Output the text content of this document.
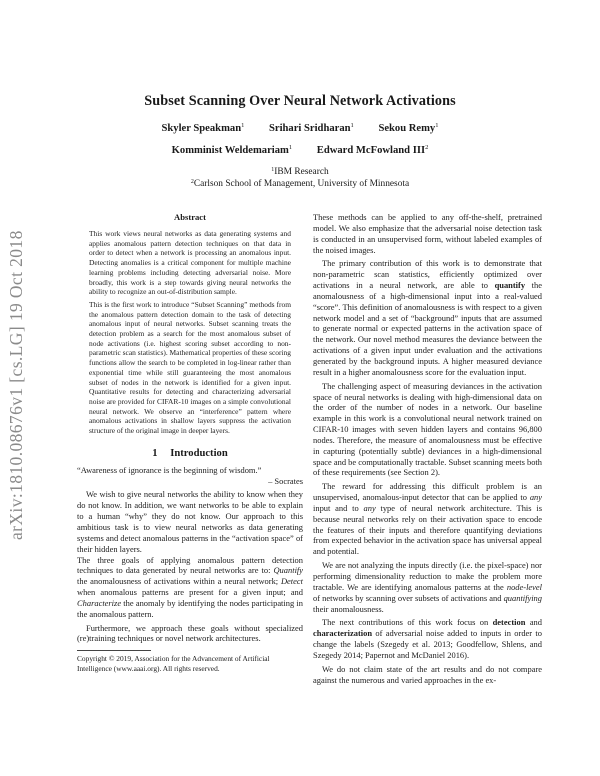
Subset Scanning Over Neural Network Activations
Skyler Speakman$^1$ Srihari Sridharan$^1$ Sekou Remy$^1$
Komminist Weldemariam$^1$ Edward McFowland III$^2$
$^1$IBM Research
$^2$Carlson School of Management, University of Minnesota
arXiv:1810.08676v1 [cs.LG] 19 Oct 2018
Abstract

This work views neural networks as data generating systems and applies anomalous pattern detection techniques on that data in order to detect when a network is processing an anomalous input. Detecting anomalies is a critical component for multiple machine learning problems including detecting adversarial noise. More broadly, this work is a step towards giving neural networks the ability to recognize an out-of-distribution sample.

This is the first work to introduce “Subset Scanning” methods from the anomalous pattern detection domain to the task of detecting anomalous input of neural networks. Subset scanning treats the detection problem as a search for the most anomalous subset of node activations (i.e. highest scoring subset according to non-parametric scan statistics). Mathematical properties of these scoring functions allow the search to be completed in log-linear rather than exponential time while still guaranteeing the most anomalous subset of nodes in the network is identified for a given input. Quantitative results for detecting and characterizing adversarial noise are provided for CIFAR-10 images on a simple convolutional neural network. We observe an “interference” pattern where anomalous activations in shallow layers suppress the activation structure of the original image in deeper layers.

1 Introduction
“Awareness of ignorance is the beginning of wisdom.”
– Socrates

We wish to give neural networks the ability to know when they do not know. In addition, we want networks to be able to explain to a human “why” they do not know. Our approach to this ambitious task is to view neural networks as data generating systems and detect anomalous patterns in the “activation space” of their hidden layers.

The three goals of applying anomalous pattern detection techniques to data generated by neural networks are to: Quantify the anomalousness of activations within a neural network; Detect when anomalous patterns are present for a given input; and Characterize the anomaly by identifying the nodes participating in the anomalous pattern.

Furthermore, we approach these goals without specialized (re)training techniques or novel network architectures.

Copyright © 2019, Association for the Advancement of Artificial Intelligence (www.aaai.org). All rights reserved.

These methods can be applied to any off-the-shelf, pretrained model. We also emphasize that the adversarial noise detection task is conducted in an unsupervised form, without labeled examples of the noised images.

The primary contribution of this work is to demonstrate that non-parametric scan statistics, efficiently optimized over activations in a neural network, are able to quantify the anomalousness of a high-dimensional input into a real-valued “score”. This definition of anomalousness is with respect to a given network model and a set of “background” inputs that are assumed to generate normal or expected patterns in the activation space of the network. Our novel method measures the deviance between the activations of a given input under evaluation and the activations generated by the background inputs. A higher measured deviance result in a higher anomalousness score for the evaluation input.

The challenging aspect of measuring deviances in the activation space of neural networks is dealing with high-dimensional data on the order of the number of nodes in a network. Our baseline example in this work is a convolutional neural network trained on CIFAR-10 images with seven hidden layers and contains 96,800 nodes. Therefore, the measure of anomalousness must be effective in capturing (potentially subtle) deviances in a high-dimensional space and be computationally tractable. Subset scanning meets both of these requirements (see Section 2).

The reward for addressing this difficult problem is an unsupervised, anomalous-input detector that can be applied to any input and to any type of neural network architecture. This is because neural networks rely on their activation space to encode the features of their inputs and therefore quantifying deviations from expected behavior in the activation space has universal appeal and potential.

We are not analyzing the inputs directly (i.e. the pixel-space) nor performing dimensionality reduction to make the problem more tractable. We are identifying anomalous patterns at the node-level of networks by scanning over subsets of activations and quantifying their anomalousness.

The next contributions of this work focus on detection and characterization of adversarial noise added to inputs in order to change the labels (Szegedy et al. 2013; Goodfellow, Shlens, and Szegedy 2014; Papernot and McDaniel 2016).

We do not claim state of the art results and do not compare against the numerous and varied approaches in the ex-
